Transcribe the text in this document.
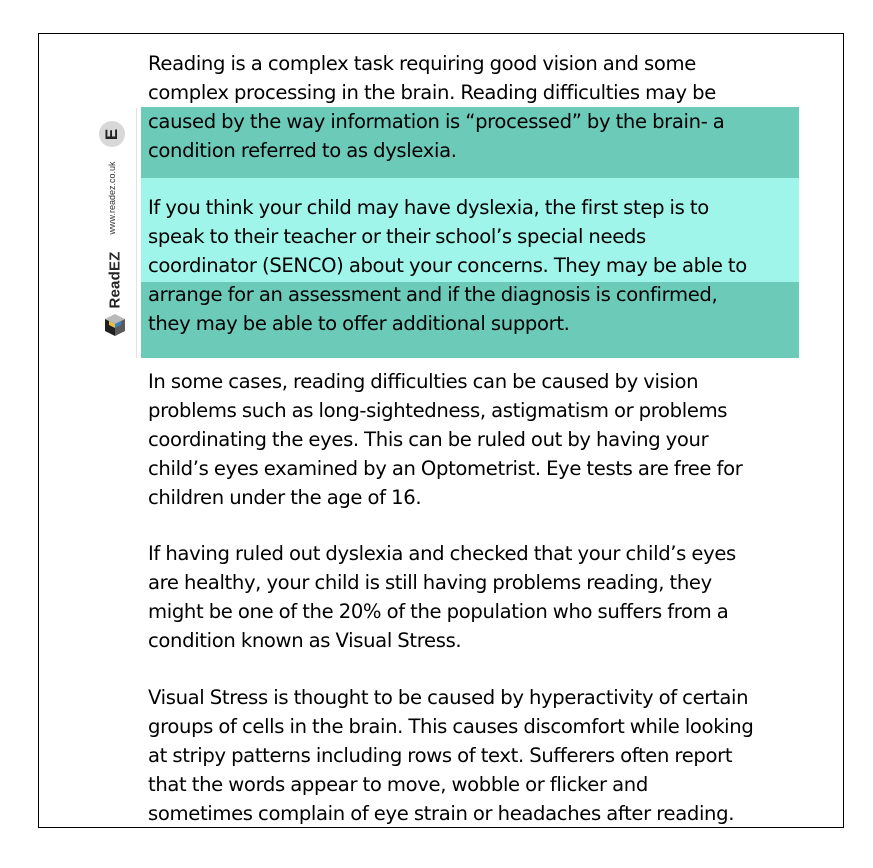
E
www.readez.co.uk
ReadEZ
Reading is a complex task requiring good vision and some
complex processing in the brain. Reading difficulties may be
caused by the way information is “processed” by the brain- a
condition referred to as dyslexia.
If you think your child may have dyslexia, the first step is to
speak to their teacher or their school’s special needs
coordinator (SENCO) about your concerns. They may be able to
arrange for an assessment and if the diagnosis is confirmed,
they may be able to offer additional support.
In some cases, reading difficulties can be caused by vision
problems such as long-sightedness, astigmatism or problems
coordinating the eyes. This can be ruled out by having your
child’s eyes examined by an Optometrist. Eye tests are free for
children under the age of 16.
If having ruled out dyslexia and checked that your child’s eyes
are healthy, your child is still having problems reading, they
might be one of the 20% of the population who suffers from a
condition known as Visual Stress.
Visual Stress is thought to be caused by hyperactivity of certain
groups of cells in the brain. This causes discomfort while looking
at stripy patterns including rows of text. Sufferers often report
that the words appear to move, wobble or flicker and
sometimes complain of eye strain or headaches after reading.
